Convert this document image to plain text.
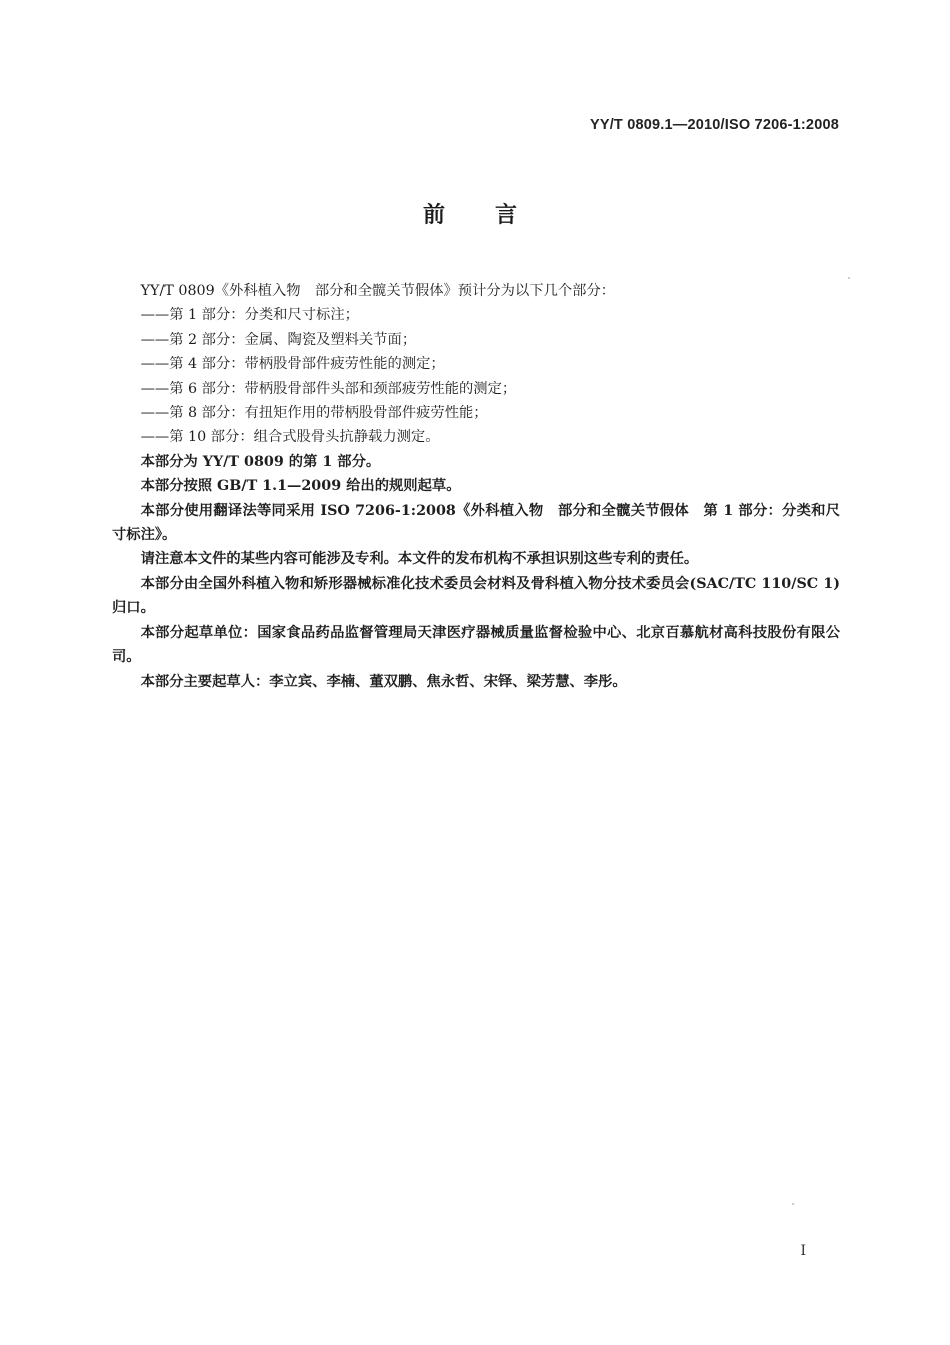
YY/T 0809.1—2010/ISO 7206-1:2008
前言

YY/T 0809《外科植入物　部分和全髋关节假体》预计分为以下几个部分：

——第 1 部分：分类和尺寸标注；

——第 2 部分：金属、陶瓷及塑料关节面；

——第 4 部分：带柄股骨部件疲劳性能的测定；

——第 6 部分：带柄股骨部件头部和颈部疲劳性能的测定；

——第 8 部分：有扭矩作用的带柄股骨部件疲劳性能；

——第 10 部分：组合式股骨头抗静载力测定。

本部分为 YY/T 0809 的第 1 部分。

本部分按照 GB/T 1.1—2009 给出的规则起草。

本部分使用翻译法等同采用 ISO 7206-1:2008《外科植入物　部分和全髋关节假体　第 1 部分：分类和尺寸标注》。

请注意本文件的某些内容可能涉及专利。本文件的发布机构不承担识别这些专利的责任。

本部分由全国外科植入物和矫形器械标准化技术委员会材料及骨科植入物分技术委员会(SAC/TC 110/SC 1)归口。

本部分起草单位：国家食品药品监督管理局天津医疗器械质量监督检验中心、北京百慕航材高科技股份有限公司。

本部分主要起草人：李立宾、李楠、董双鹏、焦永哲、宋铎、梁芳慧、李彤。

I
